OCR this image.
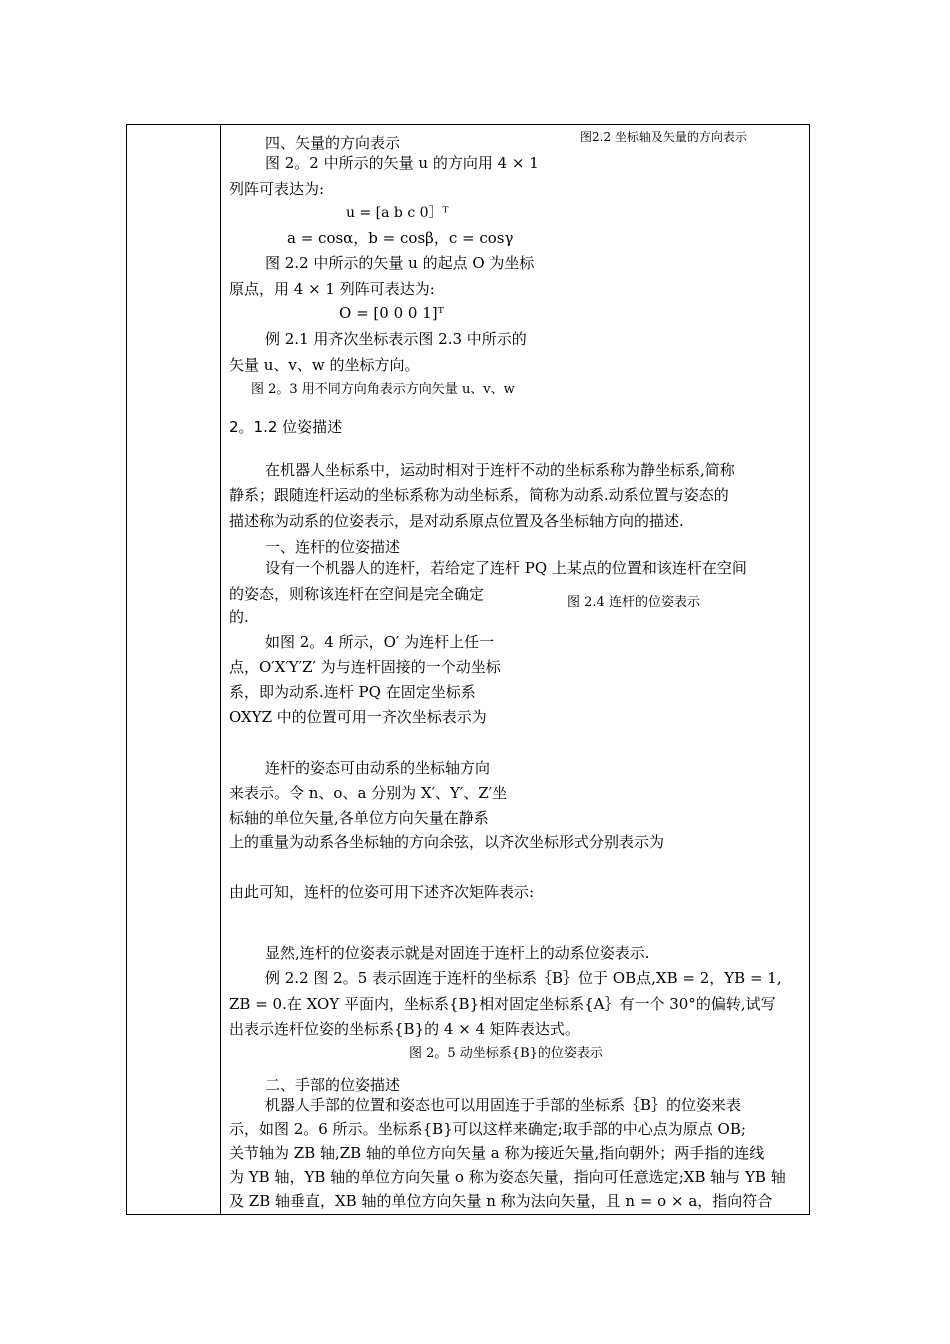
图2.2 坐标轴及矢量的方向表示
四、矢量的方向表示
图 2。2 中所示的矢量 u 的方向用 4 × 1
列阵可表达为:
u = [a b c 0］ᵀ
a = cosα，b = cosβ，c = cosγ
图 2.2 中所示的矢量 u 的起点 O 为坐标
原点，用 4 × 1 列阵可表达为:
O = [0 0 0 1]ᵀ
例 2.1 用齐次坐标表示图 2.3 中所示的
矢量 u、v、w 的坐标方向。
图 2。3 用不同方向角表示方向矢量 u、v、w
2。1.2 位姿描述
在机器人坐标系中，运动时相对于连杆不动的坐标系称为静坐标系,简称
静系；跟随连杆运动的坐标系称为动坐标系，简称为动系.动系位置与姿态的
描述称为动系的位姿表示，是对动系原点位置及各坐标轴方向的描述.
一、连杆的位姿描述
设有一个机器人的连杆，若给定了连杆 PQ 上某点的位置和该连杆在空间
的姿态，则称该连杆在空间是完全确定	图 2.4 连杆的位姿表示
的.
如图 2。4 所示，O′ 为连杆上任一
点，O′X′Y′Z′ 为与连杆固接的一个动坐标
系，即为动系.连杆 PQ 在固定坐标系
OXYZ 中的位置可用一齐次坐标表示为
连杆的姿态可由动系的坐标轴方向
来表示。令 n、o、a 分别为 X′、Y′、Z′坐
标轴的单位矢量,各单位方向矢量在静系
上的重量为动系各坐标轴的方向余弦，以齐次坐标形式分别表示为
由此可知，连杆的位姿可用下述齐次矩阵表示:
显然,连杆的位姿表示就是对固连于连杆上的动系位姿表示.
例 2.2 图 2。5 表示固连于连杆的坐标系｛B｝位于 OB点,XB = 2，YB = 1,
ZB = 0.在 XOY 平面内，坐标系{B}相对固定坐标系{A｝有一个 30°的偏转,试写
出表示连杆位姿的坐标系{B}的 4 × 4 矩阵表达式。
图 2。5 动坐标系{B}的位姿表示
二、手部的位姿描述
机器人手部的位置和姿态也可以用固连于手部的坐标系｛B｝的位姿来表
示，如图 2。6 所示。坐标系{B}可以这样来确定;取手部的中心点为原点 OB;
关节轴为 ZB 轴,ZB 轴的单位方向矢量 a 称为接近矢量,指向朝外；两手指的连线
为 YB 轴，YB 轴的单位方向矢量 o 称为姿态矢量，指向可任意选定;XB 轴与 YB 轴
及 ZB 轴垂直，XB 轴的单位方向矢量 n 称为法向矢量，且 n = o × a，指向符合
